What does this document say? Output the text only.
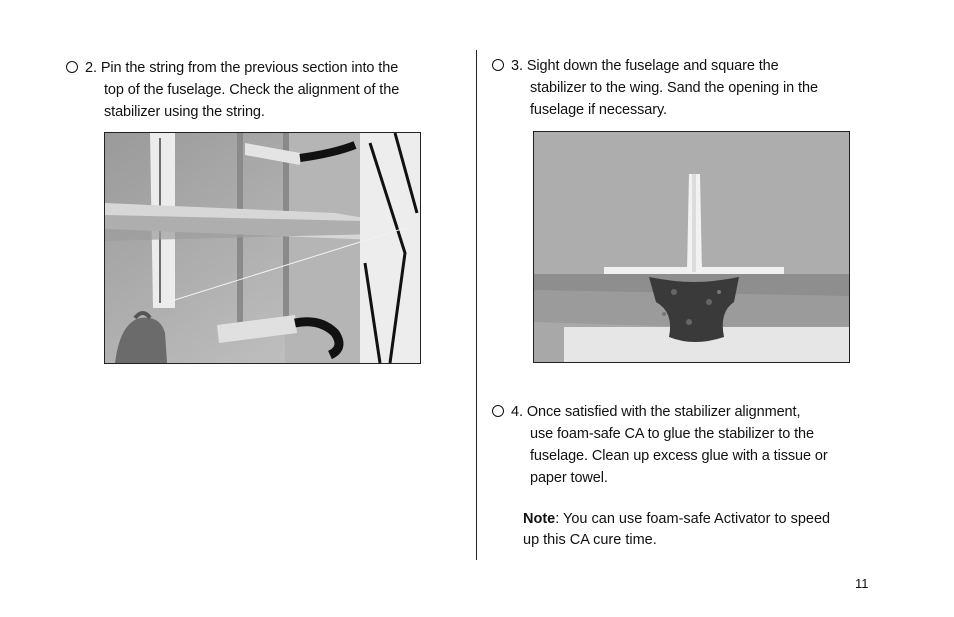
2. Pin the string from the previous section into the
top of the fuselage. Check the alignment of the
stabilizer using the string.
3. Sight down the fuselage and square the
stabilizer to the wing. Sand the opening in the
fuselage if necessary.
4. Once satisfied with the stabilizer alignment,
use foam-safe CA to glue the stabilizer to the
fuselage. Clean up excess glue with a tissue or
paper towel.
Note: You can use foam-safe Activator to speed
up this CA cure time.
11
